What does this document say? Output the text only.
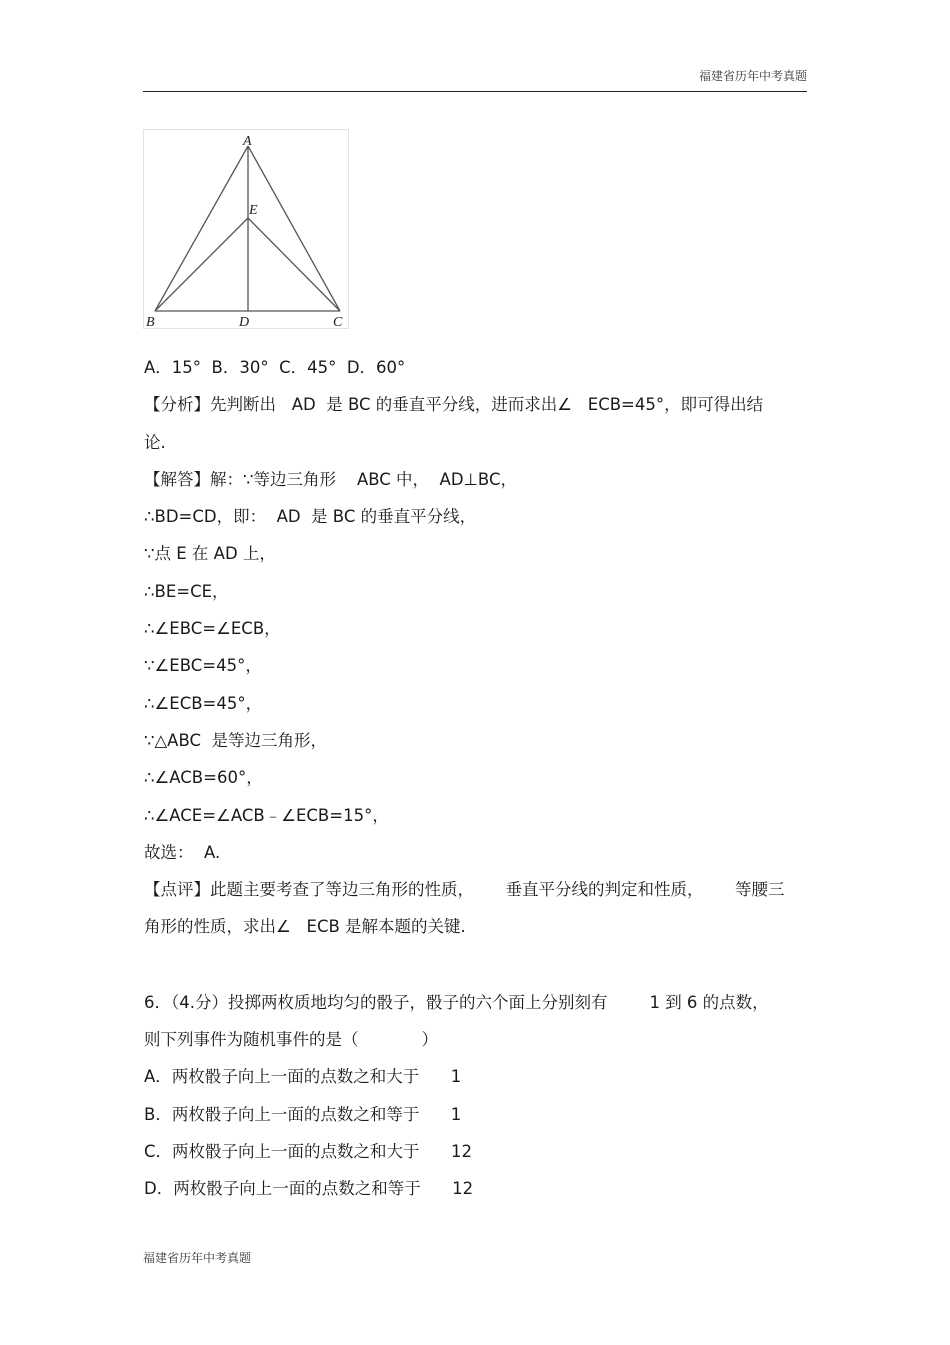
福建省历年中考真题
A
E
B	D	C
A．15°  B．30°  C．45°  D．60°
【分析】先判断出   AD  是 BC 的垂直平分线，进而求出∠   ECB=45°，即可得出结
论.
【解答】解：∵等边三角形    ABC 中，  AD⊥BC，
∴BD=CD，即：  AD  是 BC 的垂直平分线，
∵点 E 在 AD 上，
∴BE=CE，
∴∠EBC=∠ECB，
∵∠EBC=45°，
∴∠ECB=45°，
∵△ABC  是等边三角形，
∴∠ACB=60°，
∴∠ACE=∠ACB﹣∠ECB=15°，
故选：  A.
【点评】此题主要考查了等边三角形的性质，      垂直平分线的判定和性质，      等腰三
角形的性质，求出∠   ECB 是解本题的关键.
6．（4.分）投掷两枚质地均匀的骰子，骰子的六个面上分别刻有        1 到 6 的点数，
则下列事件为随机事件的是（            ）
A．两枚骰子向上一面的点数之和大于      1
B．两枚骰子向上一面的点数之和等于      1
C．两枚骰子向上一面的点数之和大于      12
D．两枚骰子向上一面的点数之和等于      12
福建省历年中考真题
